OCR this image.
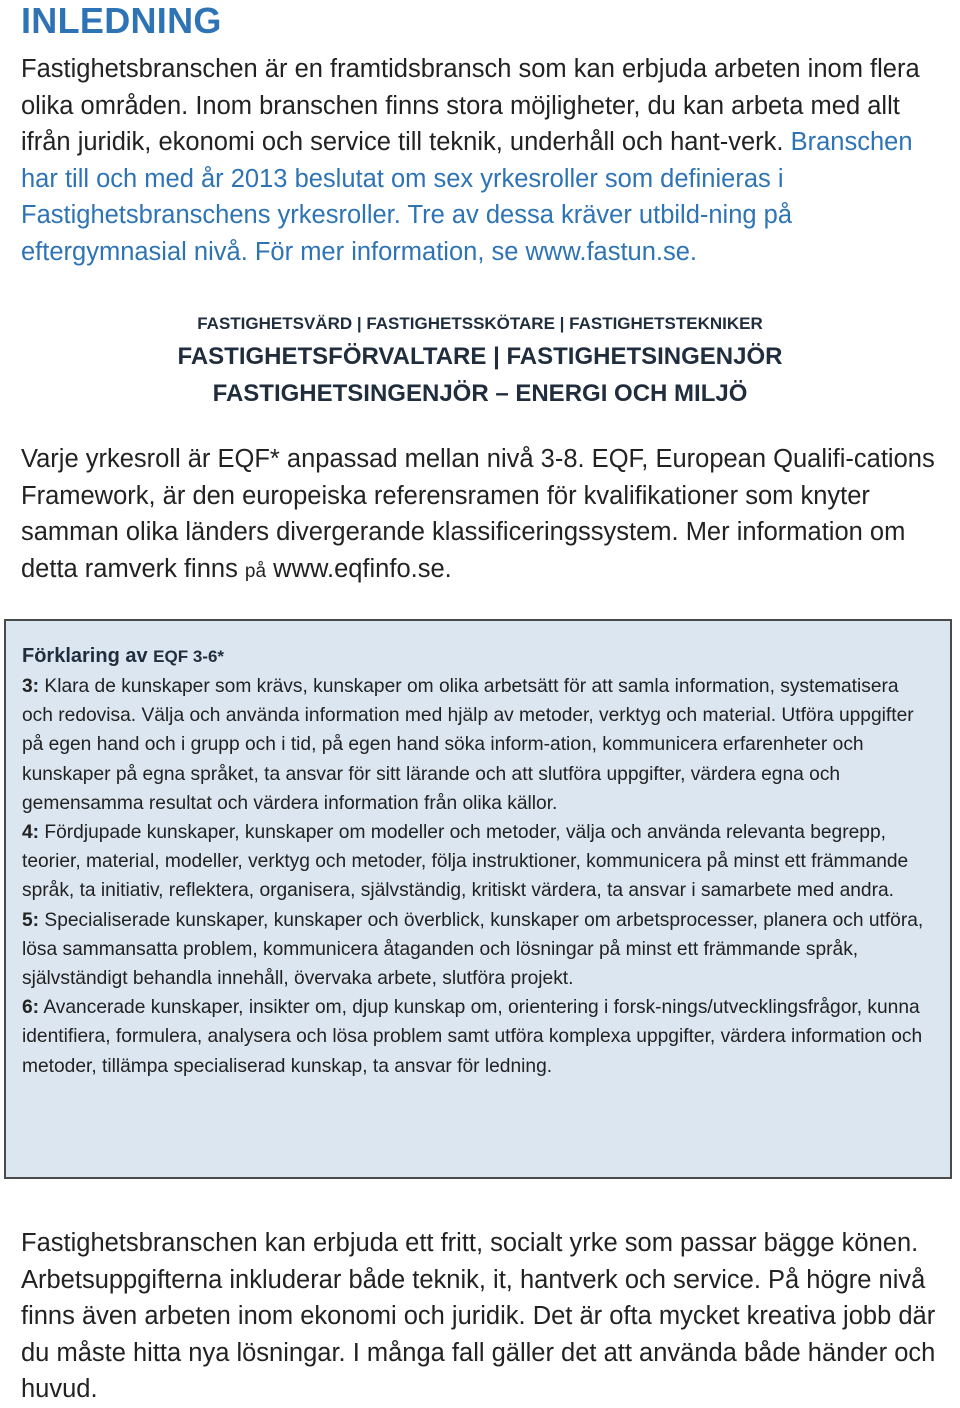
INLEDNING

Fastighetsbranschen är en framtidsbransch som kan erbjuda arbeten inom flera olika områden. Inom branschen finns stora möjligheter, du kan arbeta med allt ifrån juridik, ekonomi och service till teknik, underhåll och hant-verk. Branschen har till och med år 2013 beslutat om sex yrkesroller som definieras i Fastighetsbranschens yrkesroller. Tre av dessa kräver utbild-ning på eftergymnasial nivå. För mer information, se www.fastun.se.

FASTIGHETSVÄRD | FASTIGHETSSKÖTARE | FASTIGHETSTEKNIKER

FASTIGHETSFÖRVALTARE | FASTIGHETSINGENJÖR

FASTIGHETSINGENJÖR – ENERGI OCH MILJÖ

Varje yrkesroll är EQF* anpassad mellan nivå 3-8. EQF, European Qualifi-cations Framework, är den europeiska referensramen för kvalifikationer som knyter samman olika länders divergerande klassificeringssystem. Mer information om detta ramverk finns på www.eqfinfo.se.

Förklaring av EQF 3-6*

3: Klara de kunskaper som krävs, kunskaper om olika arbetsätt för att samla information, systematisera och redovisa. Välja och använda information med hjälp av metoder, verktyg och material. Utföra uppgifter på egen hand och i grupp och i tid, på egen hand söka inform-ation, kommunicera erfarenheter och kunskaper på egna språket, ta ansvar för sitt lärande och att slutföra uppgifter, värdera egna och gemensamma resultat och värdera information från olika källor.

4: Fördjupade kunskaper, kunskaper om modeller och metoder, välja och använda relevanta begrepp, teorier, material, modeller, verktyg och metoder, följa instruktioner, kommunicera på minst ett främmande språk, ta initiativ, reflektera, organisera, självständig, kritiskt värdera, ta ansvar i samarbete med andra.

5: Specialiserade kunskaper, kunskaper och överblick, kunskaper om arbetsprocesser, planera och utföra, lösa sammansatta problem, kommunicera åtaganden och lösningar på minst ett främmande språk, självständigt behandla innehåll, övervaka arbete, slutföra projekt.

6: Avancerade kunskaper, insikter om, djup kunskap om, orientering i forsk-nings/utvecklingsfrågor, kunna identifiera, formulera, analysera och lösa problem samt utföra komplexa uppgifter, värdera information och metoder, tillämpa specialiserad kunskap, ta ansvar för ledning.

Fastighetsbranschen kan erbjuda ett fritt, socialt yrke som passar bägge könen. Arbetsuppgifterna inkluderar både teknik, it, hantverk och service. På högre nivå finns även arbeten inom ekonomi och juridik. Det är ofta mycket kreativa jobb där du måste hitta nya lösningar. I många fall gäller det att använda både händer och huvud.
